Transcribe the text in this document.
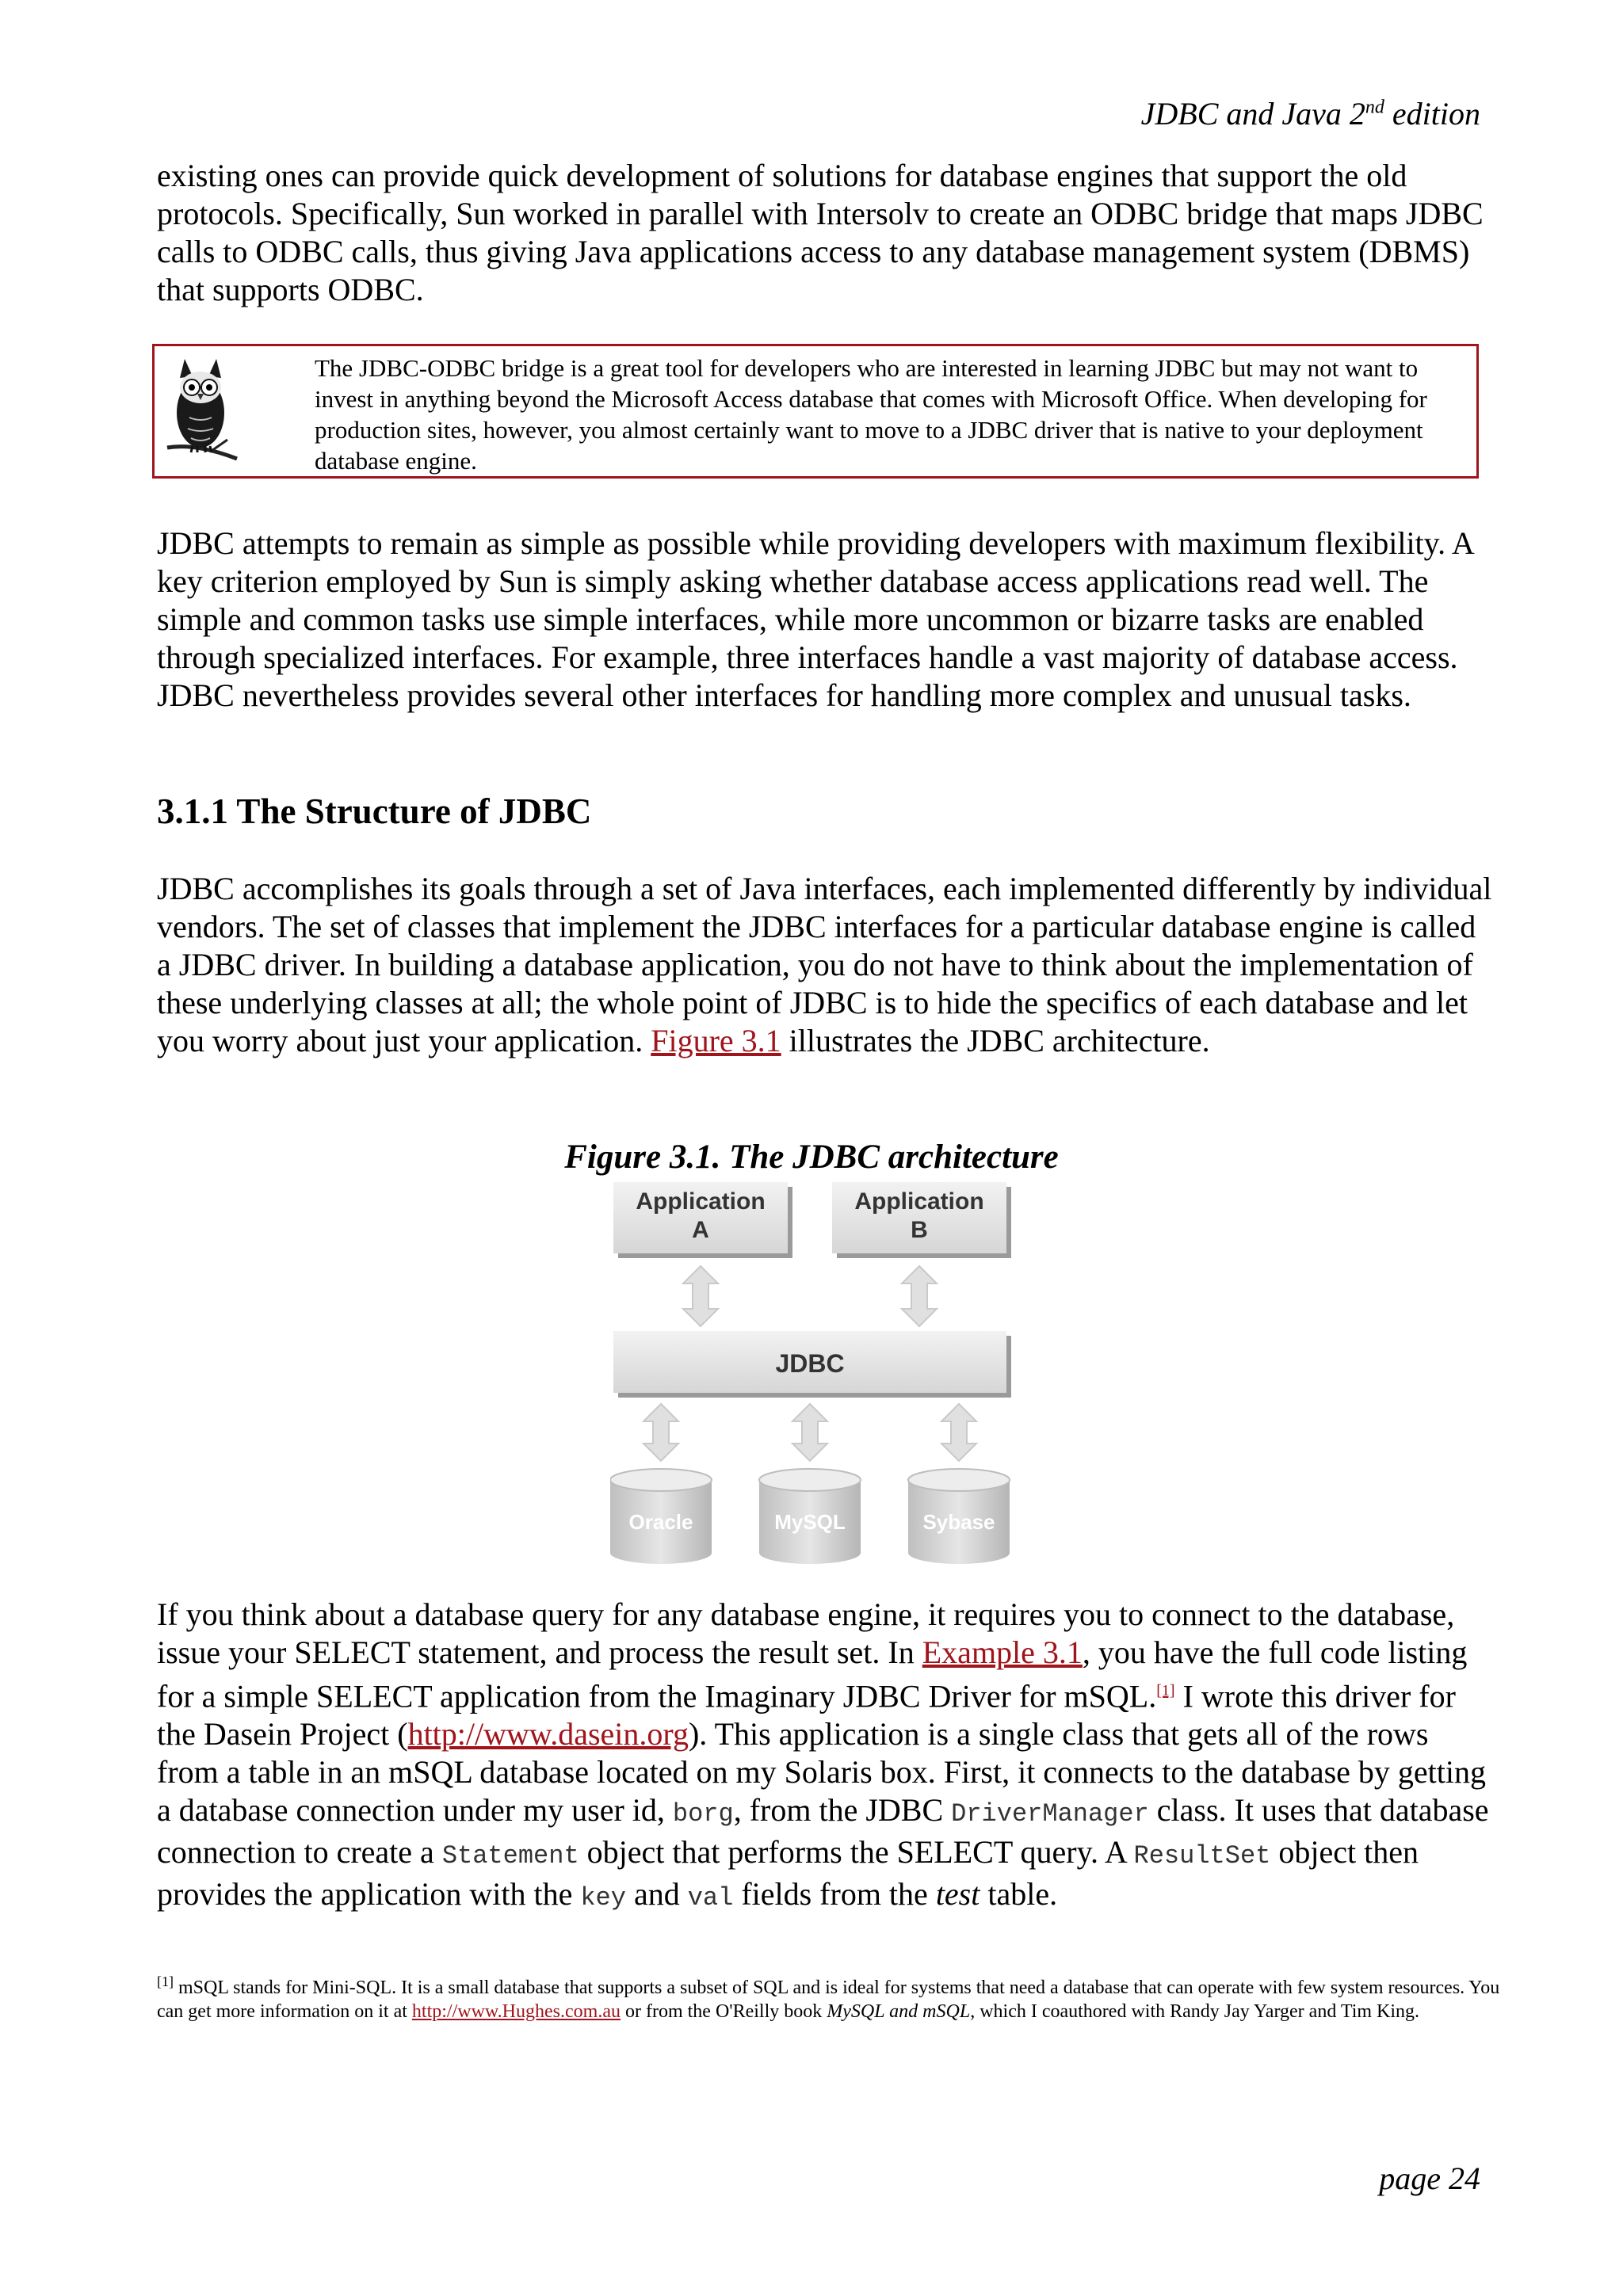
JDBC and Java 2nd edition

existing ones can provide quick development of solutions for database engines that support the old protocols. Specifically, Sun worked in parallel with Intersolv to create an ODBC bridge that maps JDBC calls to ODBC calls, thus giving Java applications access to any database management system (DBMS) that supports ODBC.

The JDBC-ODBC bridge is a great tool for developers who are interested in learning JDBC but may not want to invest in anything beyond the Microsoft Access database that comes with Microsoft Office. When developing for production sites, however, you almost certainly want to move to a JDBC driver that is native to your deployment database engine.

JDBC attempts to remain as simple as possible while providing developers with maximum flexibility. A key criterion employed by Sun is simply asking whether database access applications read well. The simple and common tasks use simple interfaces, while more uncommon or bizarre tasks are enabled through specialized interfaces. For example, three interfaces handle a vast majority of database access. JDBC nevertheless provides several other interfaces for handling more complex and unusual tasks.

3.1.1 The Structure of JDBC

JDBC accomplishes its goals through a set of Java interfaces, each implemented differently by individual vendors. The set of classes that implement the JDBC interfaces for a particular database engine is called a JDBC driver. In building a database application, you do not have to think about the implementation of these underlying classes at all; the whole point of JDBC is to hide the specifics of each database and let you worry about just your application. Figure 3.1 illustrates the JDBC architecture.

Figure 3.1. The JDBC architecture

Application
A
Application
B
JDBC
Oracle	MySQL	Sybase

If you think about a database query for any database engine, it requires you to connect to the database, issue your SELECT statement, and process the result set. In Example 3.1, you have the full code listing for a simple SELECT application from the Imaginary JDBC Driver for mSQL.[1] I wrote this driver for the Dasein Project (http://www.dasein.org). This application is a single class that gets all of the rows from a table in an mSQL database located on my Solaris box. First, it connects to the database by getting a database connection under my user id, borg, from the JDBC DriverManager class. It uses that database connection to create a Statement object that performs the SELECT query. A ResultSet object then provides the application with the key and val fields from the test table.

[1] mSQL stands for Mini-SQL. It is a small database that supports a subset of SQL and is ideal for systems that need a database that can operate with few system resources. You can get more information on it at http://www.Hughes.com.au or from the O'Reilly book MySQL and mSQL, which I coauthored with Randy Jay Yarger and Tim King.

page 24
